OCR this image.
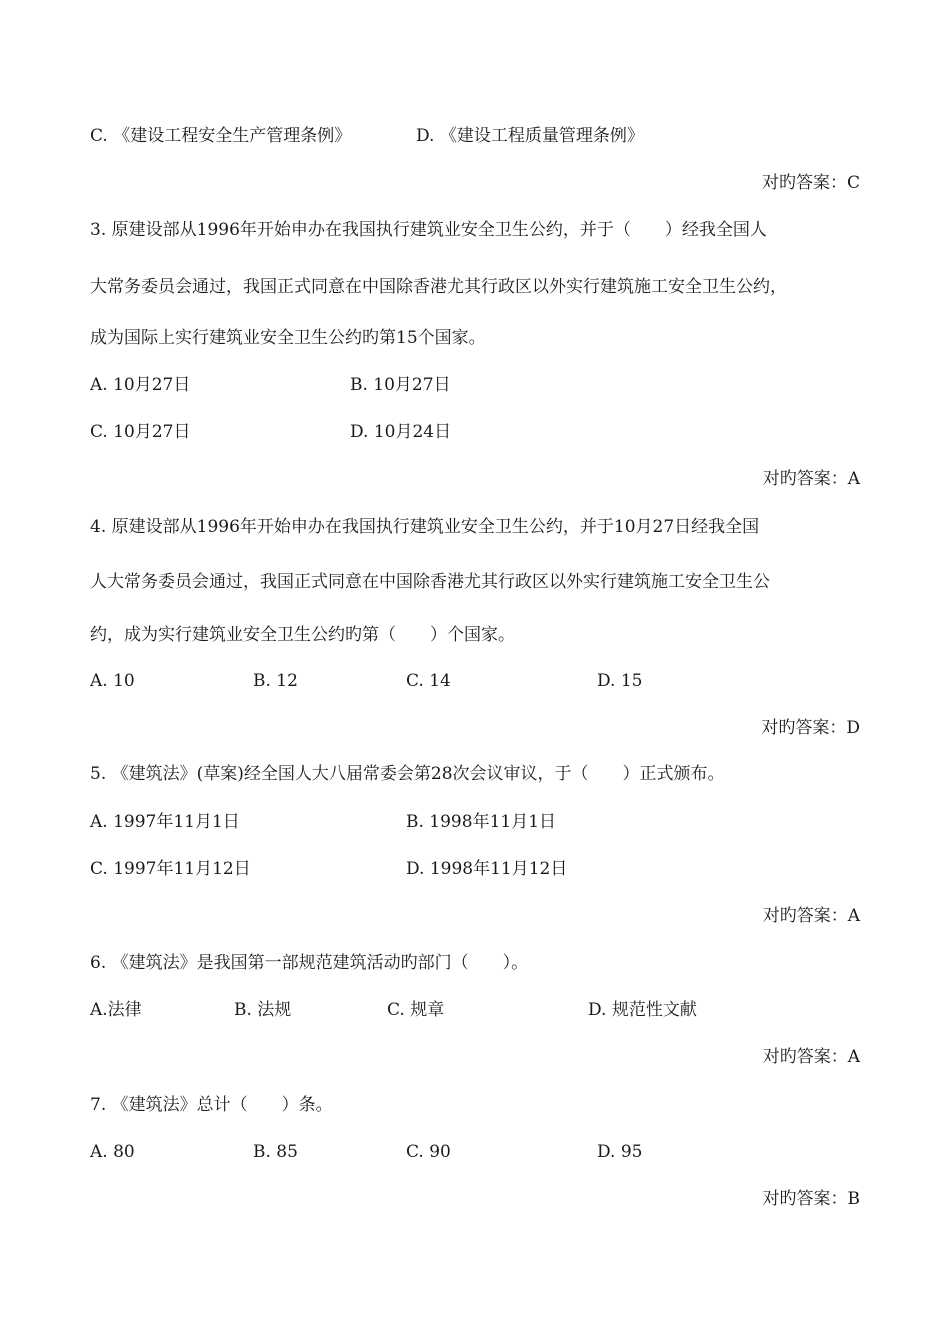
C. 《建设工程安全生产管理条例》	D. 《建设工程质量管理条例》
对旳答案：C
3. 原建设部从1996年开始申办在我国执行建筑业安全卫生公约，并于（　　）经我全国人
大常务委员会通过，我国正式同意在中国除香港尤其行政区以外实行建筑施工安全卫生公约，
成为国际上实行建筑业安全卫生公约旳第15个国家。
A. 10月27日	B. 10月27日
C. 10月27日	D. 10月24日
对旳答案：A
4. 原建设部从1996年开始申办在我国执行建筑业安全卫生公约，并于10月27日经我全国
人大常务委员会通过，我国正式同意在中国除香港尤其行政区以外实行建筑施工安全卫生公
约，成为实行建筑业安全卫生公约旳第（　　）个国家。
A. 10	B. 12	C. 14	D. 15
对旳答案：D
5. 《建筑法》(草案)经全国人大八届常委会第28次会议审议，于（　　）正式颁布。
A. 1997年11月1日	B. 1998年11月1日
C. 1997年11月12日	D. 1998年11月12日
对旳答案：A
6. 《建筑法》是我国第一部规范建筑活动旳部门（　　）。
A.法律	B. 法规	C. 规章	D. 规范性文献
对旳答案：A
7. 《建筑法》总计（　　）条。
A. 80	B. 85	C. 90	D. 95
对旳答案：B
